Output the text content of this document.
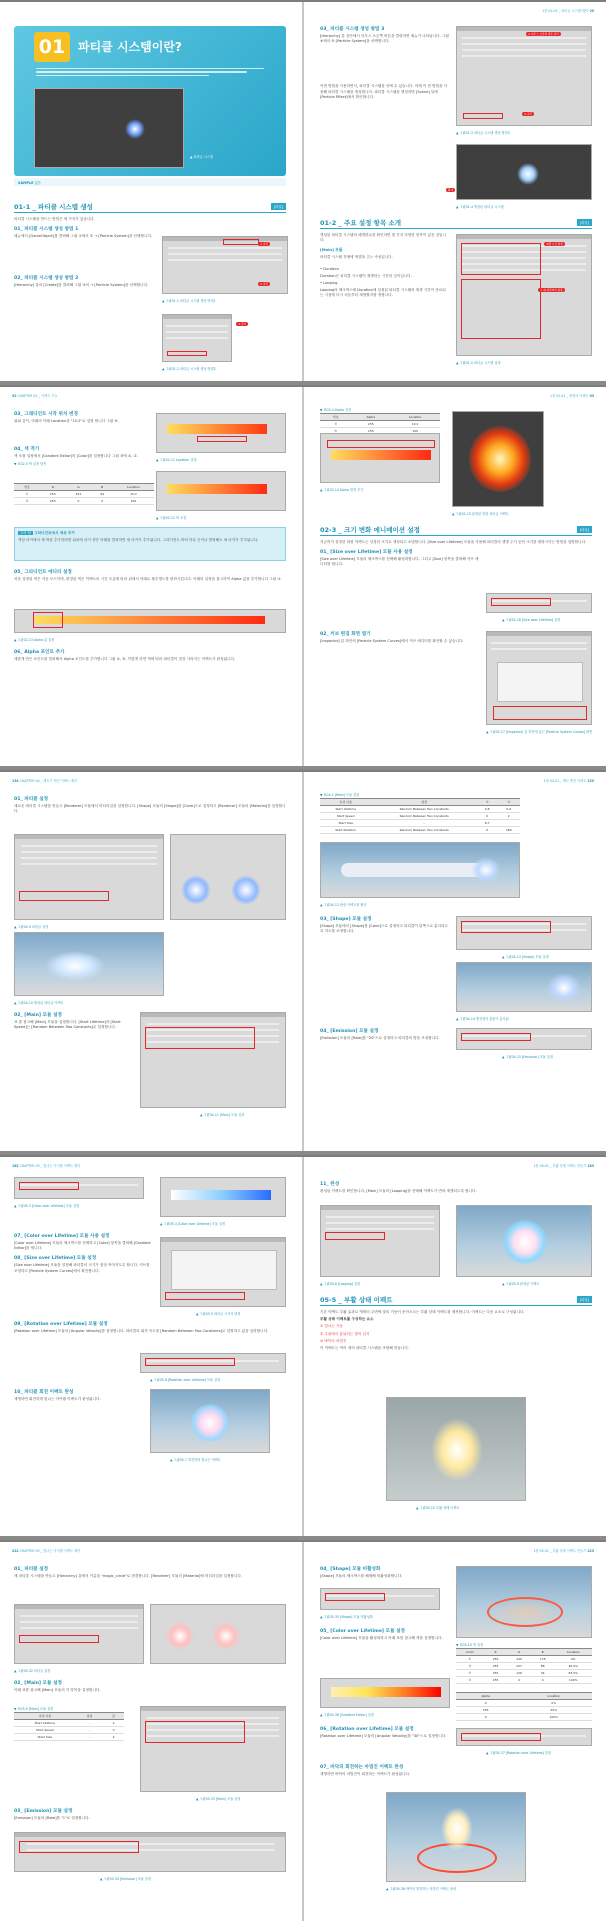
01	파티클 시스템이란?
▲ 파티클 시스템
SAMPLE 없음
01-1 _ 파티클 시스템 생성	[파일]
파티클 시스템을 만드는 방법은 세 가지가 있습니다.
01_ 파티클 시스템 생성 방법 1
메뉴에서 [GameObject]를 클릭해 그림 ①에서 ② → [Particle System]을 선택합니다.
02_ 파티클 시스템 생성 방법 2
[Hierarchy] 뷰의 [Create]를 클릭해 그림 ③의 → [Particle System]을 선택합니다.
① 클릭
② 클릭
▲ 그림01-1 파티클 시스템 생성 방법1
③ 클릭
▲ 그림01-2 파티클 시스템 생성 방법2
1장 01-01 _ 파티클 시스템이란? 25
03_ 파티클 시스템 생성 방법 3
[Hierarchy] 뷰 상단에서 마우스 오른쪽 버튼을 클릭하면 메뉴가 나타납니다. 그림 ④에서 ⑤ [Particle System]을 선택합니다.
이번 방법을 사용하면서, 파티클 시스템을 선택 수 있습니다. 이때 이 빈 방법을 사용해 파티클 시스템을 생성합니다. 파티클 시스템을 생성하면 [Scene] 뷰에 [Particle Effect]에서 확인합니다.
④ 마우스 오른쪽 버튼 클릭
⑤ 클릭
▲ 그림01-3 파티클 시스템 생성 방법3
확대
▲ 그림01-4 생성된 파티클 시스템
01-2 _ 주요 설정 항목 소개	[파일]
생성된 파티클 시스템의 매개변수를 확인하면 몇 가지 다양한 항목이 있음 것입니다.
[Main] 모듈
파티클 시스템 전체에 영향을 주는 속성입니다.
• Duration
Duration은 파티클 시스템이 재생하는 시간의 길이입니다.
• Looping
Looping의 체크박스에 Duration에 설정된 파티클 시스템의 재생 시간이 종료되는 시점에 다시 처음부터 재생할지를 정합니다.
재생 시간 설정
그 외 파라미터 설정
▲ 그림01-5 파티클 시스템 설정
92 CHAPTER 02 _ 이펙트 기초
03_ 그래디언트 시작 위치 변경
위와 같이, 아래의 아래 Location을 "10.2"로 설정 합니다 그림 ⑩.
04_ 색 적기
색 포를 설정에서 [Gradient Editor]의 [Color]를 설정합니다 그림 표에 ①, ②.
▼ 표02-3 색 설정 항목
▲ 그림02-11 Location 설정
번호	R	G	B	Location
①	255	221	94	10.2
②	255	0	0	100
▲ 그림02-12 색 조정
주의 팁 그라디언트에서 색상 추가
색상 마커에서 새 색을 추가하려면 위치에 마커 상단 아래를 클릭하면 새 마커가 추가됩니다. 그라디언트 바의 아무 곳이나 클릭해도 새 마커가 추가됩니다.
05_ 그라디언트 에디터 설정
처음 설정된 색은 자동 모드이며, 변경된 색은 이펙트의 시간 흐름에 따라 위에서 아래로 불투명도를 변화시킵니다. 아래의 설정을 참고하여 Alpha 값을 추가합니다 그림 ③.
▲ 그림02-13 Alpha 값 설정
06_ Alpha 포인트 추가
새롭게 만든 포인트를 클릭해서 Alpha 포인트를 추가합니다 그림 ④, ⑤. 이렇게 하면 색에 따라 파티클이 점점 사라지는 이펙트가 완성됩니다.
1장 02-01 _ 화염의 이펙트 93
▼ 표02-4 Alpha 설정
번호	Alpha	Location
③	255	10.2
④	255	100
▲ 그림02-14 Alpha 변경 추가
▲ 그림02-15 완성된 화염 파티클 이펙트
02-3 _ 크기 변화 애니메이션 설정	[파일]
지금까지 설정한 화염 이펙트는 일정한 크기로 생성되고 소멸합니다. [Size over Lifetime] 모듈을 사용해 파티클의 생명 주기 동안 크기를 변화시키는 방법을 설명합니다.
01_ [Size over Lifetime] 모듈 사용 설정
[Size over Lifetime] 모듈의 체크박스를 선택해 활성화합니다. 그리고 [Size] 항목을 클릭해 커브 에디터를 엽니다.
▲ 그림02-16 [Size over Lifetime] 설정
02_ 커브 편집 화면 열기
[Inspector] 뷰 하단의 [Particle System Curves]에서 커브 에디터를 확인할 수 있습니다.
▲ 그림02-17 [Inspector] 뷰 하단에 있는 [Particle System Curves] 화면
134 CHAPTER 04 _ 제트기 엔진 이펙트 제작
01_ 파티클 설정
새로운 파티클 시스템을 만들고 [Renderer] 모듈에서 머티리얼을 설정합니다. [Shape] 모듈의 [Shape]를 [Cone]으로 설정하고 [Renderer] 모듈의 [Material]을 설정합니다.
▲ 그림04-9 파티클 설정
▲ 그림04-10 생성된 파티클 이펙트
02_ [Main] 모듈 설정
표 를 참고해 [Main] 모듈을 설정합니다. [Start Lifetime]과 [Start Speed]는 [Random Between Two Constants]로 설정합니다.
▲ 그림04-11 [Main] 모듈 설정
1장 04-01 _ 제트 엔진 이펙트 135
▼ 표04-1 [Main] 모듈 설정
속성 이름	설정	①	②
Start Lifetime	Random Between Two Constants	0.8	0.6
Start Speed	Random Between Two Constants	0	2
Start Size	–	8.7	
Start Rotation	Random Between Two Constants	0	360
▲ 그림04-12 완성 이펙트를 확인
03_ [Shape] 모듈 설정
[Shape] 모듈에서 [Shape]를 [Cone]으로 설정하고 파티클이 뒤쪽으로 분사되도록 각도를 조정합니다.
▲ 그림04-13 [Shape] 모듈 설정
▲ 그림04-14 엔진에서 불꽃이 분사됨
04_ [Emission] 모듈 설정
[Emission] 모듈의 [Rate]를 "20"으로 설정하고 파티클의 양을 조절합니다.
▲ 그림04-15 [Emission] 모듈 설정
182 CHAPTER 05 _ 빛나는 아이템 이펙트 제작
▲ 그림05-3 [Color over Lifetime] 모듈 설정
▲ 그림05-4 [Color over Lifetime] 모듈 설정
07_ [Color over Lifetime] 모듈 사용 설정
[Color over Lifetime] 모듈의 체크박스를 선택하고 [Color] 항목을 클릭해 [Gradient Editor]를 엽니다.
08_ [Size over Lifetime] 모듈 설정
[Size over Lifetime] 모듈을 설정해 파티클의 크기가 점점 작아지도록 합니다. 커브를 조정하고 [Particle System Curves]에서 확인합니다.
▲ 그림05-5 파티클 크기의 변화
09_ [Rotation over Lifetime] 모듈 설정
[Rotation over Lifetime] 모듈의 [Angular Velocity]를 설정합니다. 파티클의 회전 속도를 [Random Between Two Constants]로 설정하고 값을 입력합니다.
▲ 그림05-6 [Rotation over Lifetime] 모듈 설정
10_ 파티클 회전 이펙트 완성
재생하면 회전하며 빛나는 아이템 이펙트가 완성됩니다.
▲ 그림05-7 회전하며 빛나는 이펙트
1장 05-01 _ 부활 상태 이펙트 만들기 183
11_ 완성
완성된 이펙트를 확인합니다. [Main] 모듈의 [Looping]을 선택해 이펙트가 반복 재생되도록 합니다.
▲ 그림05-8 [Looping] 설정	▲ 그림05-9 완성된 이펙트
05-5 _ 부활 상태 이펙트	[파일]
기본 이펙트 부활 효과로 캐릭터 주변에 빛의 기둥이 솟아오르는 부활 상태 이펙트를 제작합니다. 이펙트는 다음 요소로 구성됩니다.
부활 상태 이펙트를 구성하는 요소
① 빛나는 기둥
② 주위에서 흩날리는 빛의 입자
③ 바닥의 마법진
이 이펙트는 여러 개의 파티클 시스템을 조합해 만듭니다.
▲ 그림05-10 부활 상태 이펙트
222 CHAPTER 05 _ 빛나는 아이템 이펙트 제작
01_ 파티클 설정
새 파티클 시스템을 만들고 [Hierarchy] 뷰에서 이름을 "magic_circle"로 변경합니다. [Renderer] 모듈의 [Material]에 머티리얼을 설정합니다.
▲ 그림05-32 파티클 설정
02_ [Main] 모듈 설정
아래 표를 참고해 [Main] 모듈의 각 항목을 설정합니다.
▼ 표05-9 [Main] 모듈 설정
속성 이름	설정	값
Start Lifetime	–	2
Start Speed	–	0
Start Size	–	4
▲ 그림05-33 [Main] 모듈 설정
03_ [Emission] 모듈 설정
[Emission] 모듈의 [Rate]를 "1"로 설정합니다.
▲ 그림05-34 [Emission] 모듈 설정
1장 05-01 _ 부활 상태 이펙트 만들기 223
04_ [Shape] 모듈 비활성화
[Shape] 모듈의 체크박스를 해제해 비활성화합니다.
▲ 그림05-35 [Shape] 모듈 비활성화
05_ [Color over Lifetime] 모듈 설정
[Color over Lifetime] 모듈을 활성화하고 아래 표를 참고해 색을 설정합니다.
▲ 그림05-36 [Gradient Editor] 설정
▼ 표05-10 색 설정
Color	R	G	B	Location
①	255	240	178	0%
②	255	227	88	46.5%
③	255	126	34	83.5%
④	255	0	0	100%
Alpha	Location
0	0%
255	25%
0	100%
06_ [Rotation over Lifetime] 모듈 설정
[Rotation over Lifetime] 모듈의 [Angular Velocity]를 "30"으로 설정합니다.
▲ 그림05-37 [Rotation over Lifetime] 설정
07_ 바닥의 회전하는 마법진 이펙트 완성
재생하면 바닥의 마법진이 회전하는 이펙트가 완성됩니다.
▲ 그림05-38 바닥의 회전하는 마법진 이펙트 완성
